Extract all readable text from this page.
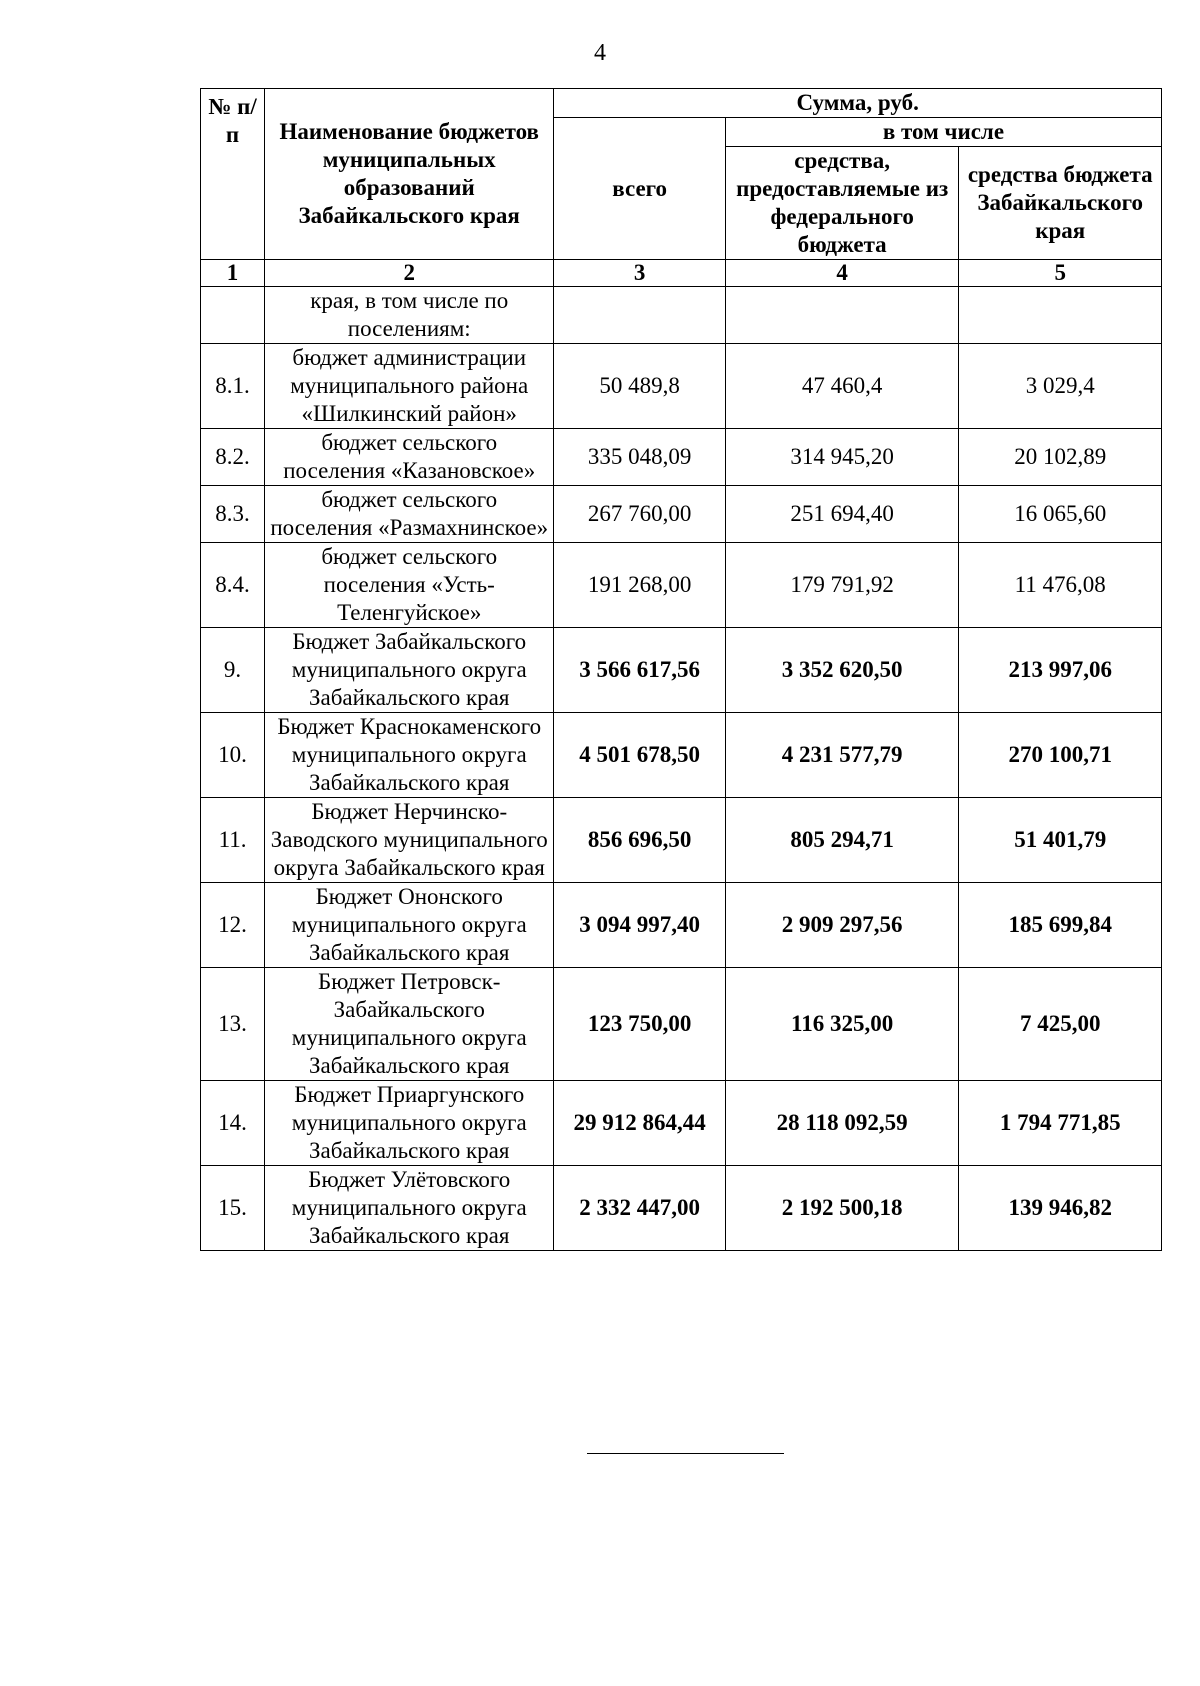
4
№ п/п	Наименование бюджетов муниципальных образований Забайкальского края	Сумма, руб.		
		всего	в том числе	
			средства, предоставляемые из федерального бюджета	средства бюджета Забайкальского края
1	2	3	4	5
	края, в том числе по поселениям:			
8.1.	бюджет администрации муниципального района «Шилкинский район»	50 489,8	47 460,4	3 029,4
8.2.	бюджет сельского поселения «Казановское»	335 048,09	314 945,20	20 102,89
8.3.	бюджет сельского поселения «Размахнинское»	267 760,00	251 694,40	16 065,60
8.4.	бюджет сельского поселения «Усть-Теленгуйское»	191 268,00	179 791,92	11 476,08
9.	Бюджет Забайкальского муниципального округа Забайкальского края	3 566 617,56	3 352 620,50	213 997,06
10.	Бюджет Краснокаменского муниципального округа Забайкальского края	4 501 678,50	4 231 577,79	270 100,71
11.	Бюджет Нерчинско-Заводского муниципального округа Забайкальского края	856 696,50	805 294,71	51 401,79
12.	Бюджет Ононского муниципального округа Забайкальского края	3 094 997,40	2 909 297,56	185 699,84
13.	Бюджет Петровск-Забайкальского муниципального округа Забайкальского края	123 750,00	116 325,00	7 425,00
14.	Бюджет Приаргунского муниципального округа Забайкальского края	29 912 864,44	28 118 092,59	1 794 771,85
15.	Бюджет Улётовского муниципального округа Забайкальского края	2 332 447,00	2 192 500,18	139 946,82
